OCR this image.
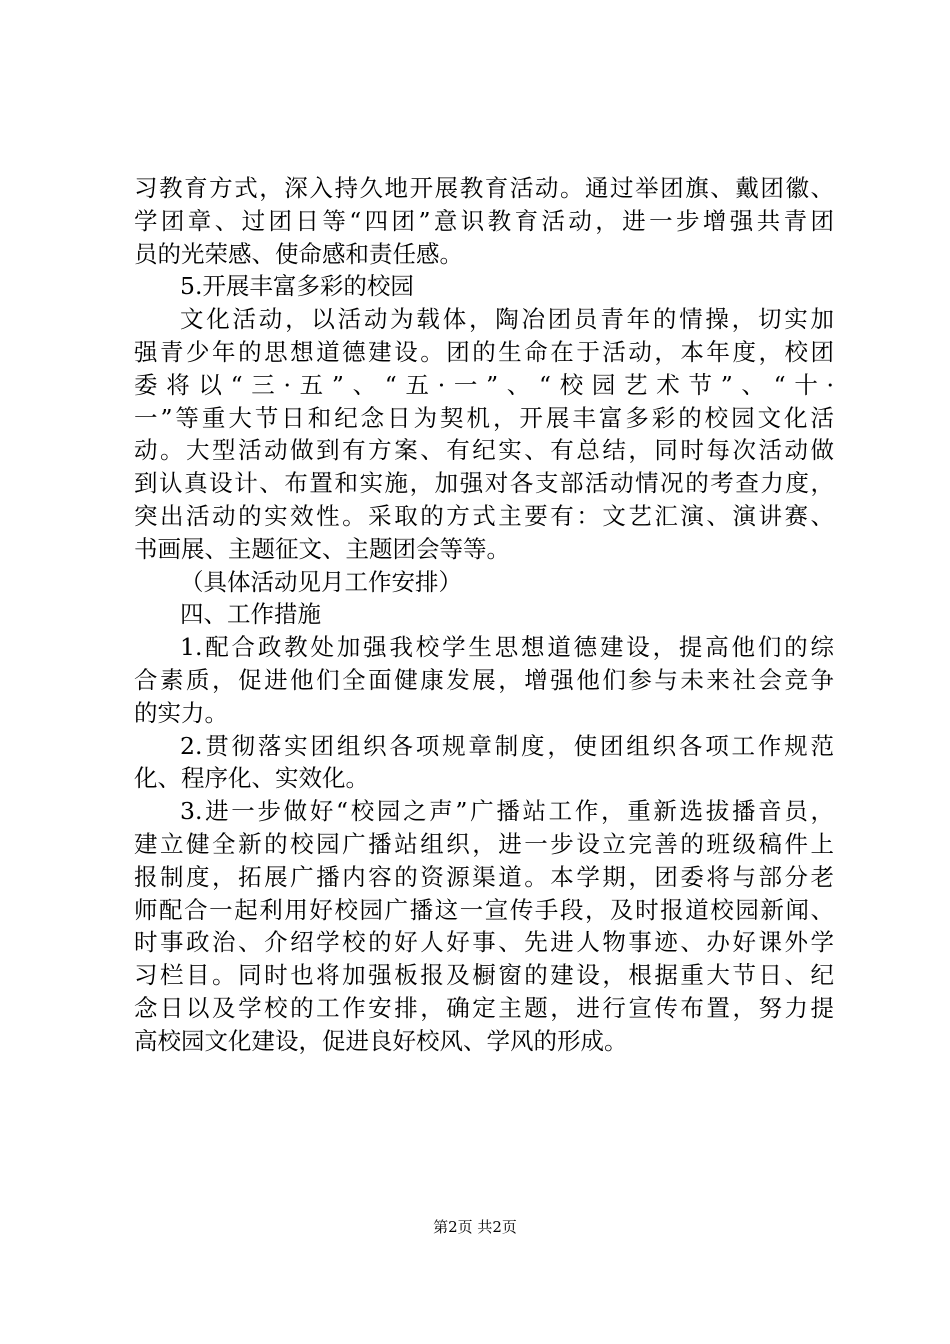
习教育方式，深入持久地开展教育活动。通过举团旗、戴团徽、
学团章、过团日等“四团”意识教育活动，进一步增强共青团
员的光荣感、使命感和责任感。
5.开展丰富多彩的校园
文化活动，以活动为载体，陶冶团员青年的情操，切实加
强青少年的思想道德建设。团的生命在于活动，本年度，校团
委将以“三·五”、“五·一”、“校园艺术节”、“十·
一”等重大节日和纪念日为契机，开展丰富多彩的校园文化活
动。大型活动做到有方案、有纪实、有总结，同时每次活动做
到认真设计、布置和实施，加强对各支部活动情况的考查力度，
突出活动的实效性。采取的方式主要有：文艺汇演、演讲赛、
书画展、主题征文、主题团会等等。
（具体活动见月工作安排）
四、工作措施
1.配合政教处加强我校学生思想道德建设，提高他们的综
合素质，促进他们全面健康发展，增强他们参与未来社会竞争
的实力。
2.贯彻落实团组织各项规章制度，使团组织各项工作规范
化、程序化、实效化。
3.进一步做好“校园之声”广播站工作，重新选拔播音员，
建立健全新的校园广播站组织，进一步设立完善的班级稿件上
报制度，拓展广播内容的资源渠道。本学期，团委将与部分老
师配合一起利用好校园广播这一宣传手段，及时报道校园新闻、
时事政治、介绍学校的好人好事、先进人物事迹、办好课外学
习栏目。同时也将加强板报及橱窗的建设，根据重大节日、纪
念日以及学校的工作安排，确定主题，进行宣传布置，努力提
高校园文化建设，促进良好校风、学风的形成。
第2页 共2页
